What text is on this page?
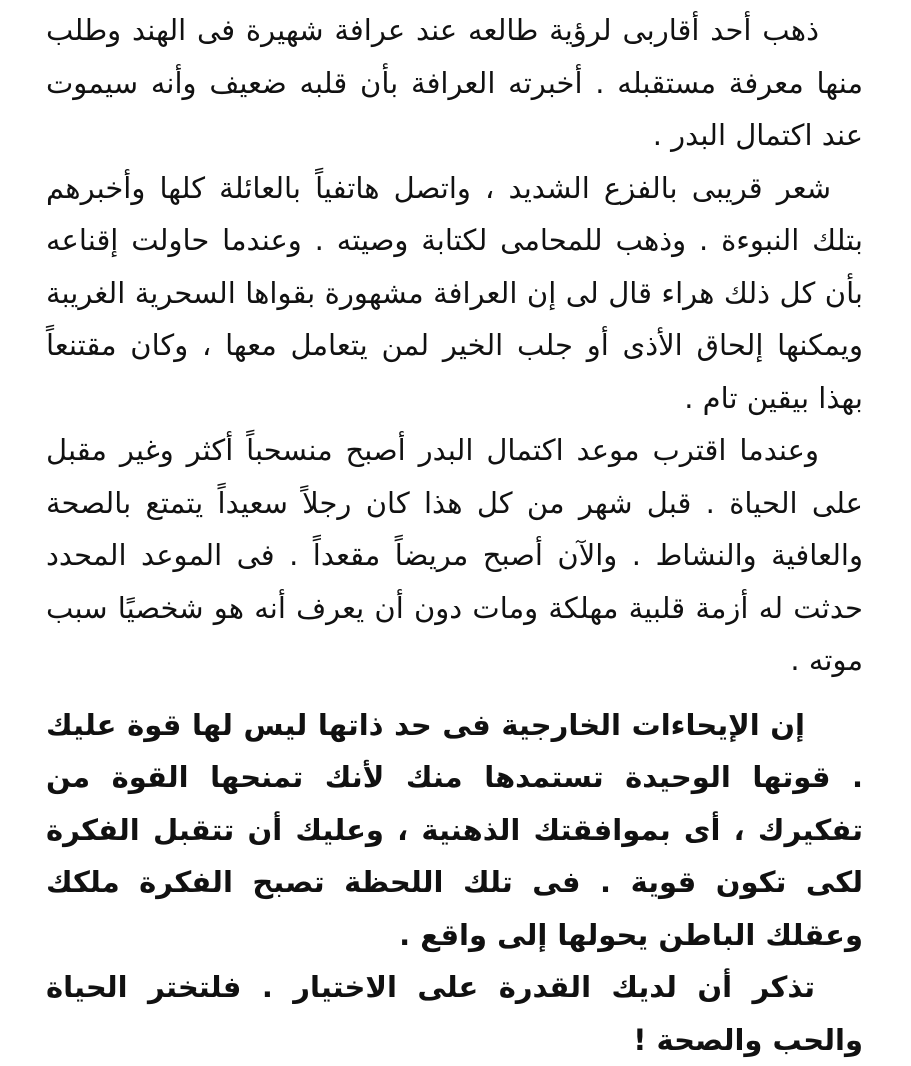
ذهب أحد أقاربى لرؤية طالعه عند عرافة شهيرة فى الهند وطلب منها معرفة مستقبله . أخبرته العرافة بأن قلبه ضعيف وأنه سيموت عند اكتمال البدر .

شعر قريبى بالفزع الشديد ، واتصل هاتفياً بالعائلة كلها وأخبرهم بتلك النبوءة . وذهب للمحامى لكتابة وصيته . وعندما حاولت إقناعه بأن كل ذلك هراء قال لى إن العرافة مشهورة بقواها السحرية الغريبة ويمكنها إلحاق الأذى أو جلب الخير لمن يتعامل معها ، وكان مقتنعاً بهذا بيقين تام .

وعندما اقترب موعد اكتمال البدر أصبح منسحباً أكثر وغير مقبل على الحياة . قبل شهر من كل هذا كان رجلاً سعيداً يتمتع بالصحة والعافية والنشاط . والآن أصبح مريضاً مقعداً . فى الموعد المحدد حدثت له أزمة قلبية مهلكة ومات دون أن يعرف أنه هو شخصيًا سبب موته .

إن الإيحاءات الخارجية فى حد ذاتها ليس لها قوة عليك . قوتها الوحيدة تستمدها منك لأنك تمنحها القوة من تفكيرك ، أى بموافقتك الذهنية ، وعليك أن تتقبل الفكرة لكى تكون قوية . فى تلك اللحظة تصبح الفكرة ملكك وعقلك الباطن يحولها إلى واقع .

تذكر أن لديك القدرة على الاختيار . فلتختر الحياة والحب والصحة !
